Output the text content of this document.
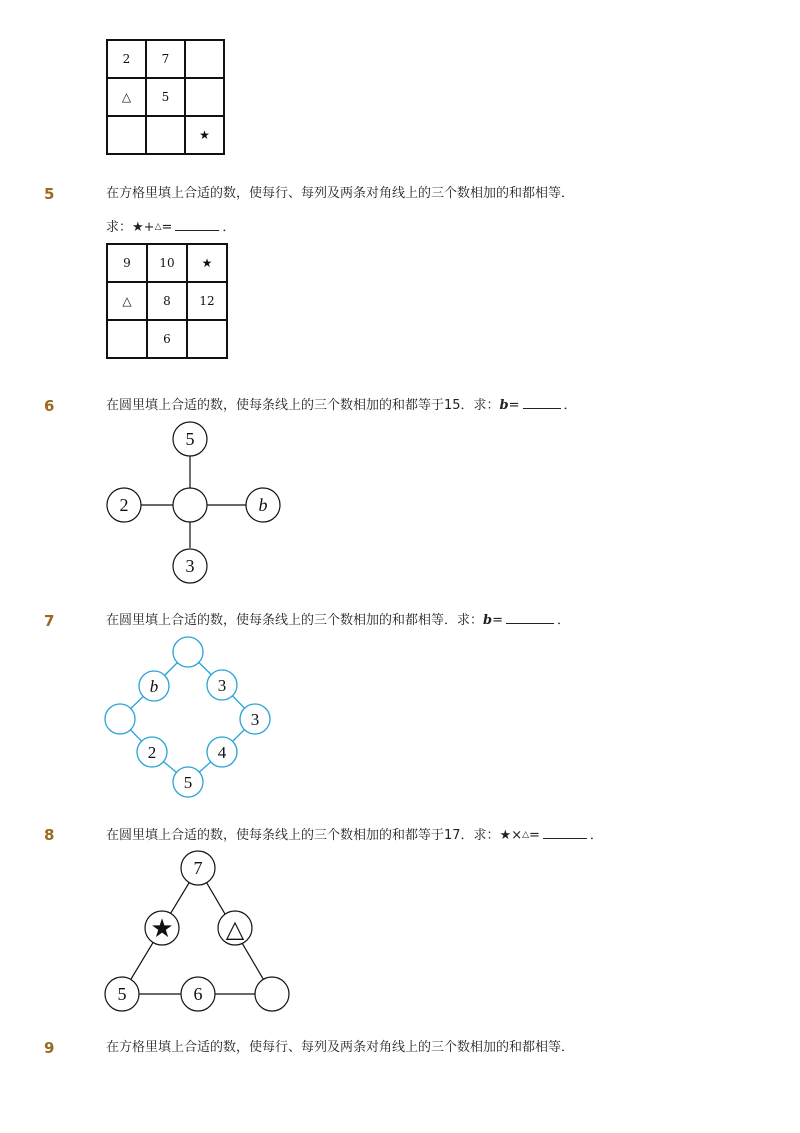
2	7	
△	5	
		★
5	在方格里填上合适的数，使每行、每列及两条对角线上的三个数相加的和都相等．
求：★+△=	．
9	10	★
△	8	12
	6	
6	在圆里填上合适的数，使每条线上的三个数相加的和都等于15．求：b=	．
5
2	b
3
7	在圆里填上合适的数，使每条线上的三个数相加的和都相等．求：b=	．
b	3
3
2	4
5
8	在圆里填上合适的数，使每条线上的三个数相加的和都等于17．求：★×△=	．
7
★ △
5	6
9	在方格里填上合适的数，使每行、每列及两条对角线上的三个数相加的和都相等．
